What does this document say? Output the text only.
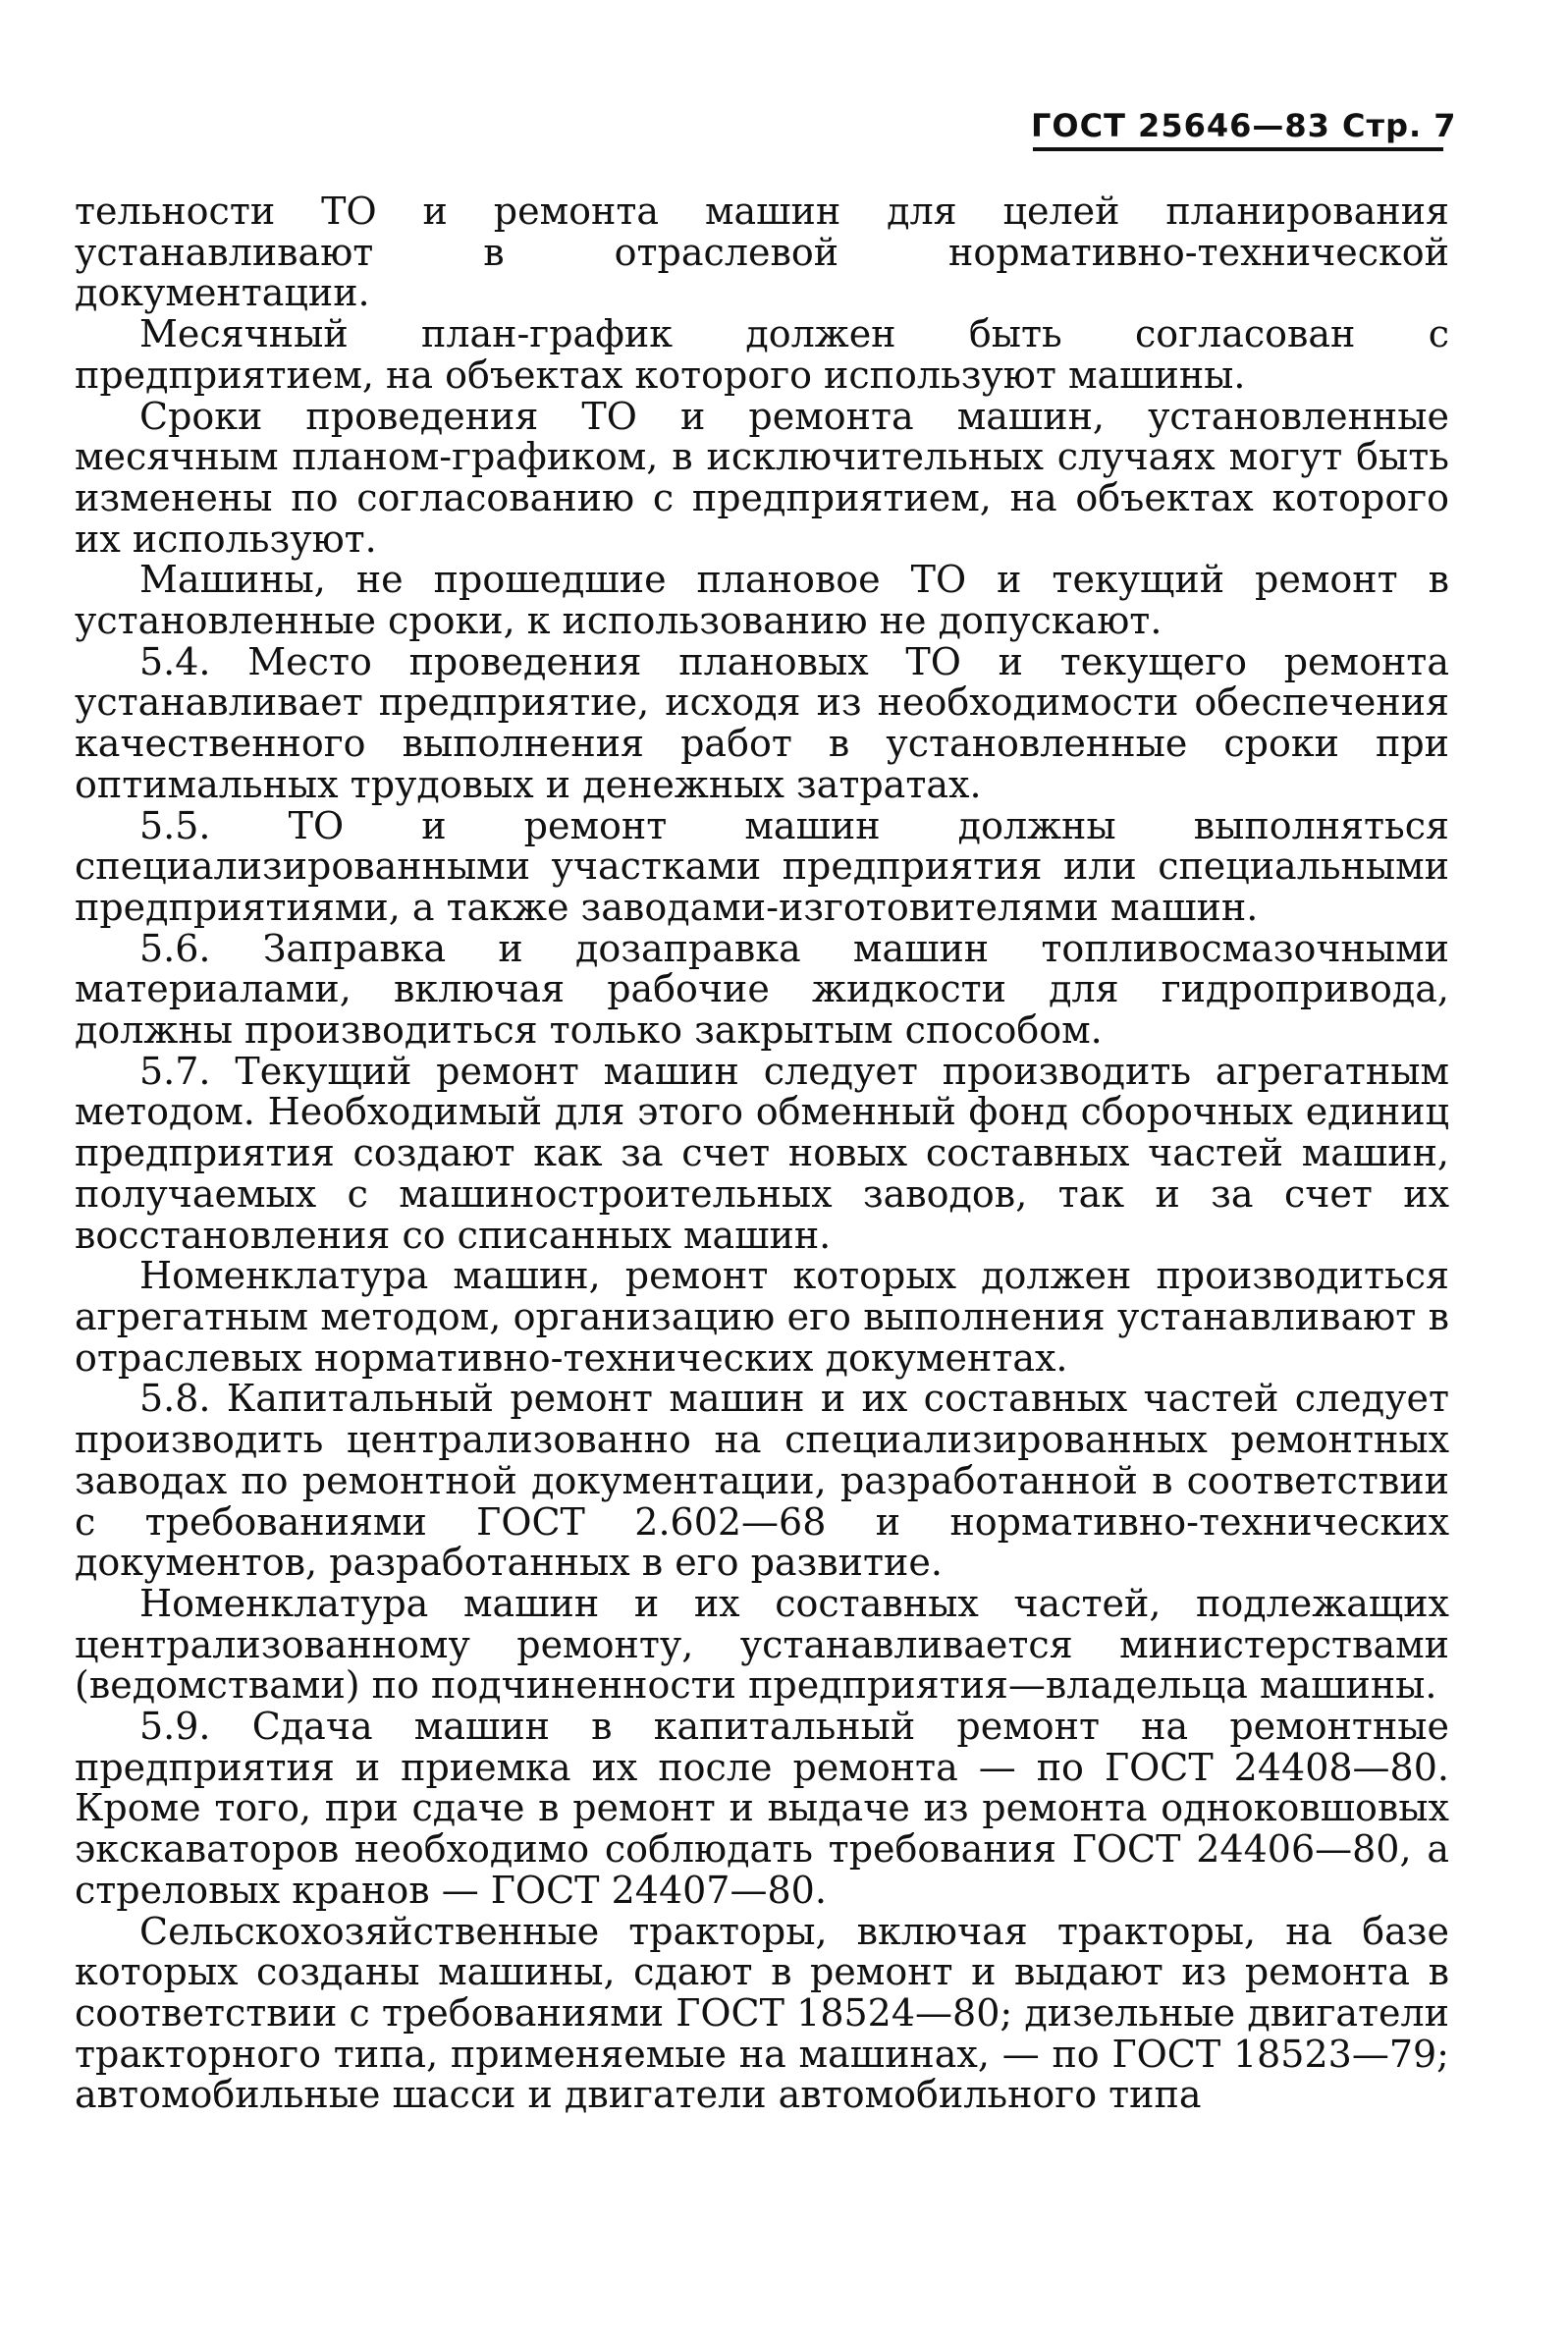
ГОСТ 25646—83 Стр. 7

тельности ТО и ремонта машин для целей планирования устанавливают в отраслевой нормативно-технической документации.

Месячный план-график должен быть согласован с предприятием, на объектах которого используют машины.

Сроки проведения ТО и ремонта машин, установленные месячным планом-графиком, в исключительных случаях могут быть изменены по согласованию с предприятием, на объектах которого их используют.

Машины, не прошедшие плановое ТО и текущий ремонт в установленные сроки, к использованию не допускают.

5.4. Место проведения плановых ТО и текущего ремонта устанавливает предприятие, исходя из необходимости обеспечения качественного выполнения работ в установленные сроки при оптимальных трудовых и денежных затратах.

5.5. ТО и ремонт машин должны выполняться специализированными участками предприятия или специальными предприятиями, а также заводами-изготовителями машин.

5.6. Заправка и дозаправка машин топливосмазочными материалами, включая рабочие жидкости для гидропривода, должны производиться только закрытым способом.

5.7. Текущий ремонт машин следует производить агрегатным методом. Необходимый для этого обменный фонд сборочных единиц предприятия создают как за счет новых составных частей машин, получаемых с машиностроительных заводов, так и за счет их восстановления со списанных машин.

Номенклатура машин, ремонт которых должен производиться агрегатным методом, организацию его выполнения устанавливают в отраслевых нормативно-технических документах.

5.8. Капитальный ремонт машин и их составных частей следует производить централизованно на специализированных ремонтных заводах по ремонтной документации, разработанной в соответствии с требованиями ГОСТ 2.602—68 и нормативно-технических документов, разработанных в его развитие.

Номенклатура машин и их составных частей, подлежащих централизованному ремонту, устанавливается министерствами (ведомствами) по подчиненности предприятия—владельца машины.

5.9. Сдача машин в капитальный ремонт на ремонтные предприятия и приемка их после ремонта — по ГОСТ 24408—80. Кроме того, при сдаче в ремонт и выдаче из ремонта одноковшовых экскаваторов необходимо соблюдать требования ГОСТ 24406—80, а стреловых кранов — ГОСТ 24407—80.

Сельскохозяйственные тракторы, включая тракторы, на базе которых созданы машины, сдают в ремонт и выдают из ремонта в соответствии с требованиями ГОСТ 18524—80; дизельные двигатели тракторного типа, применяемые на машинах, — по ГОСТ 18523—79; автомобильные шасси и двигатели автомобильного типа
